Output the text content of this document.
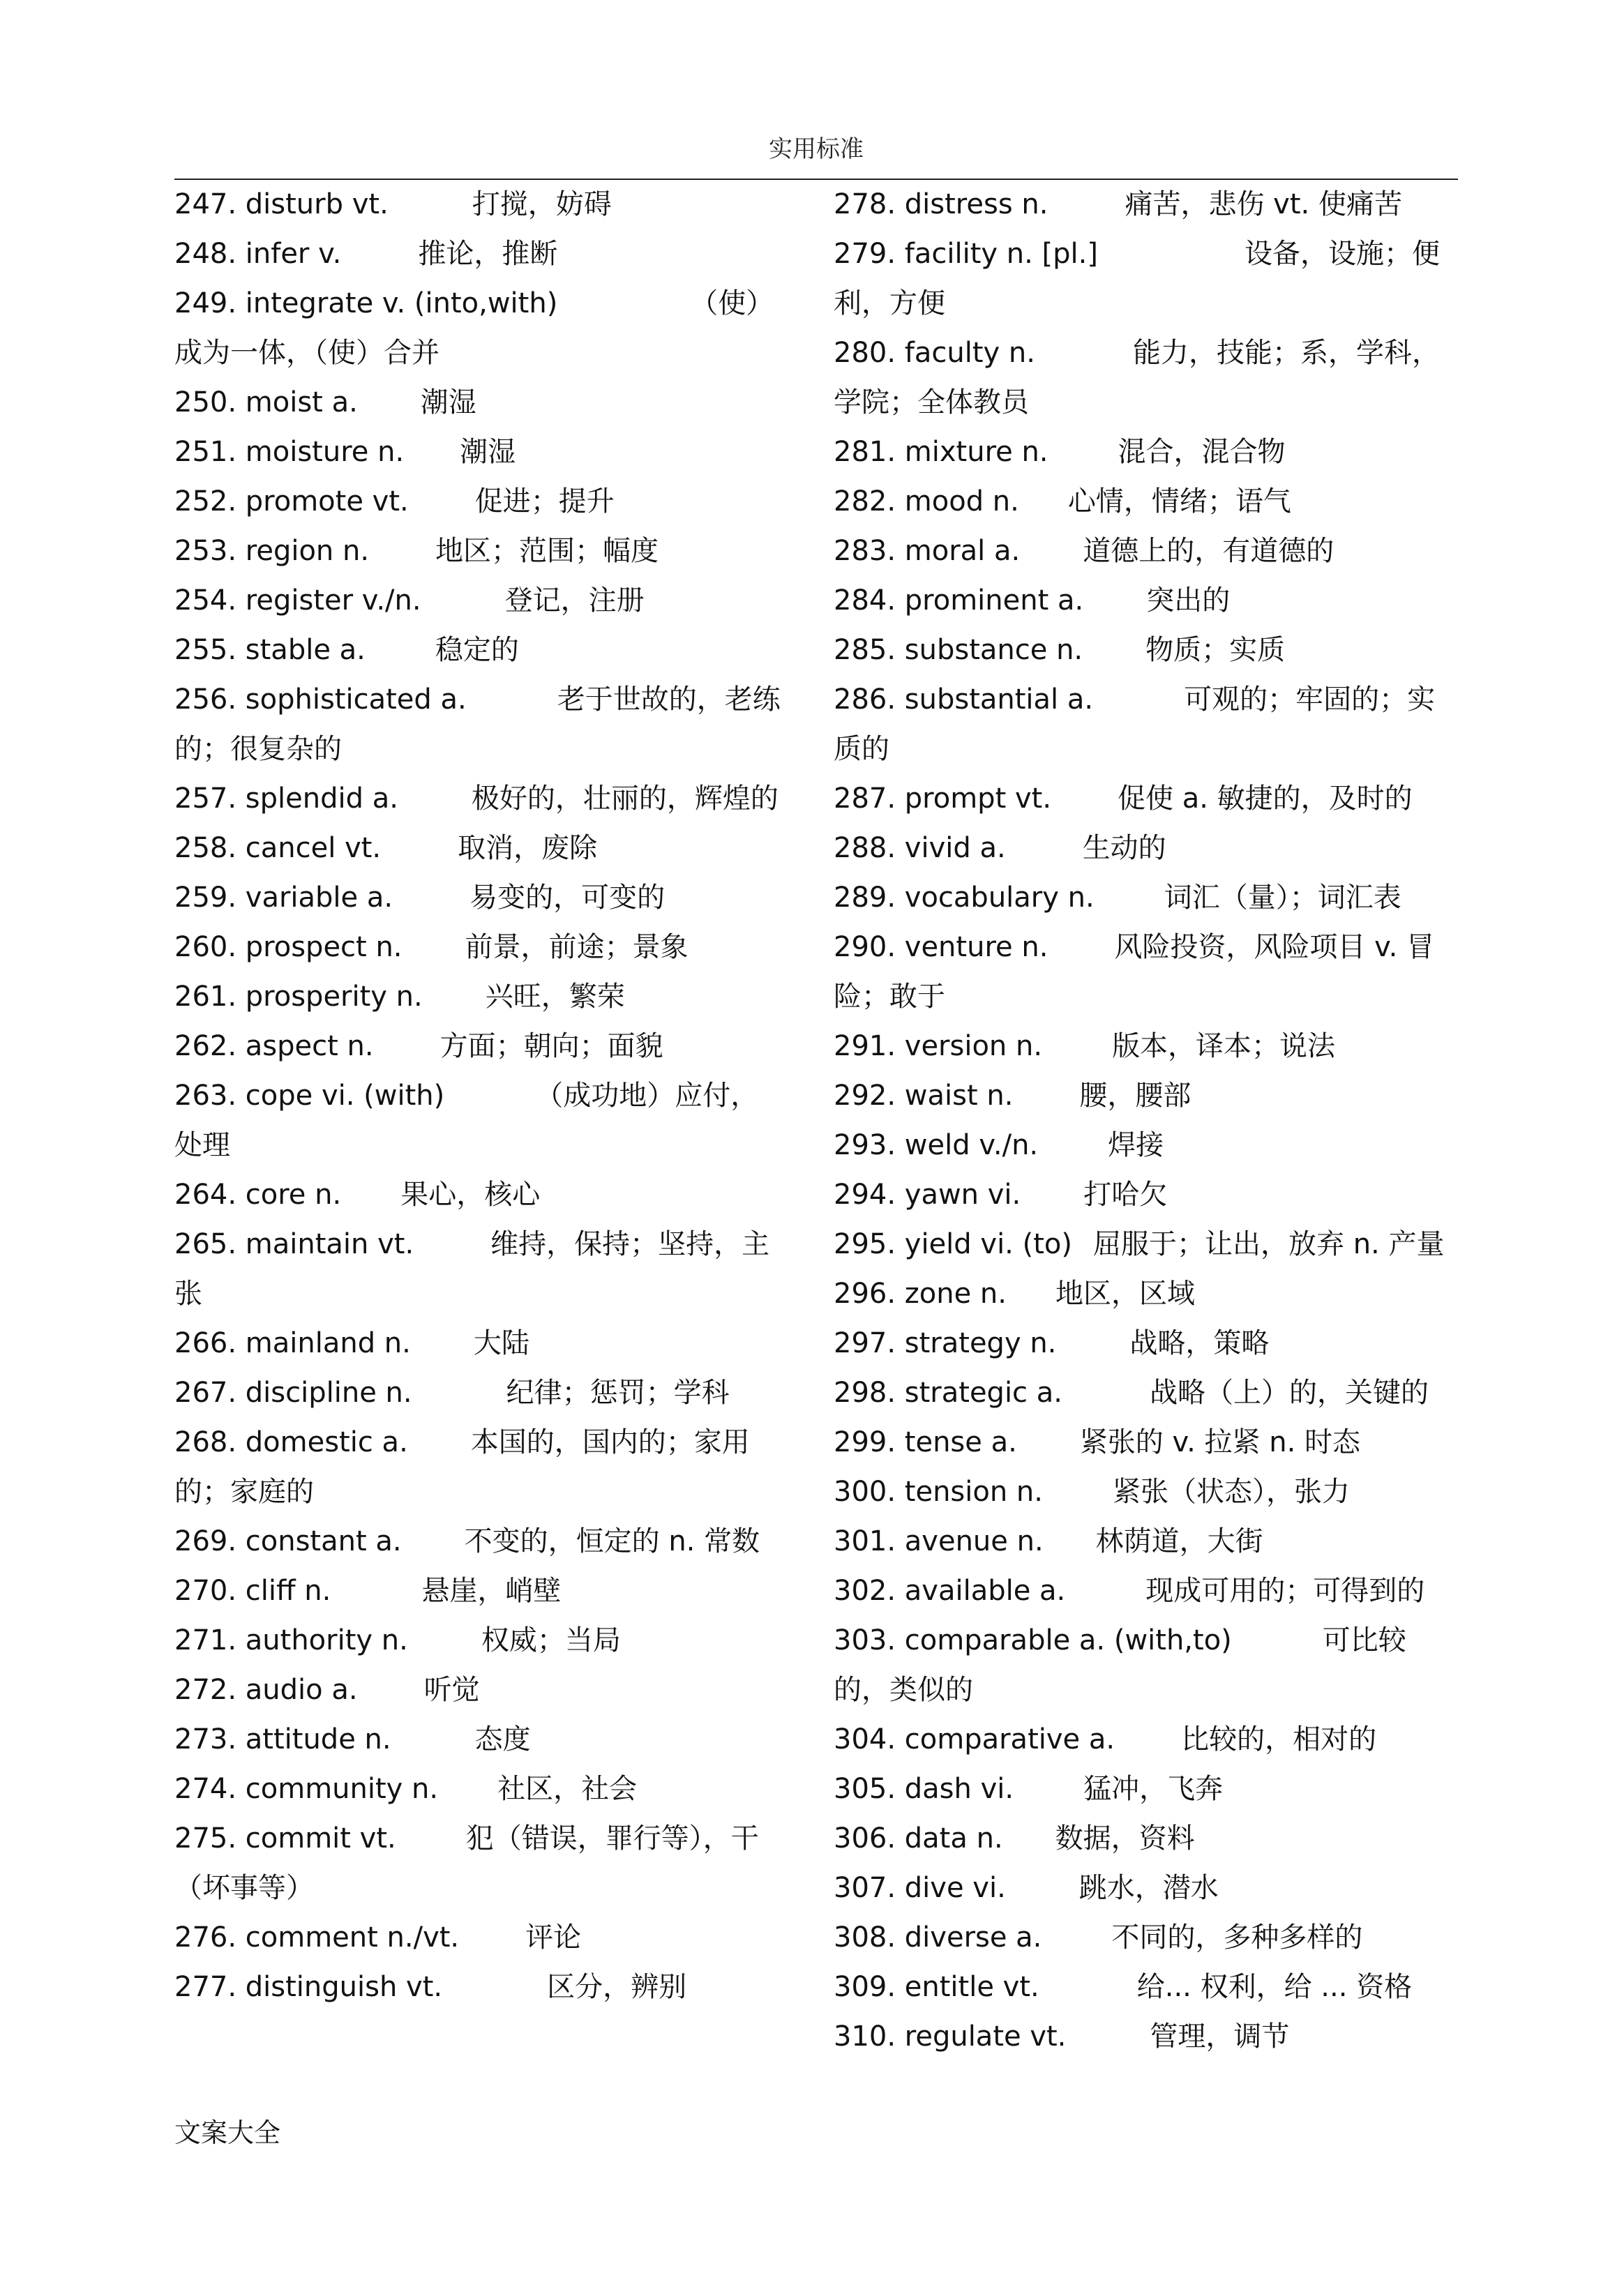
实用标准
247. disturb vt.	打搅，妨碍
248. infer v.	推论，推断
249. integrate v. (into,with)	（使）成为一体，（使）合并
250. moist a. 潮湿
251. moisture n. 潮湿
252. promote vt. 促进；提升
253. region n. 地区；范围；幅度
254. register v./n.	登记，注册
255. stable a.	稳定的
256. sophisticated a.	老于世故的，老练的；很复杂的
257. splendid a.	极好的，壮丽的，辉煌的
258. cancel vt.	取消，废除
259. variable a.	易变的，可变的
260. prospect n. 前景，前途；景象
261. prosperity n. 兴旺，繁荣
262. aspect n. 方面；朝向；面貌
263. cope vi. (with)	（成功地）应付，处理
264. core n. 果心，核心
265. maintain vt.	维持，保持；坚持，主张
266. mainland n. 大陆
267. discipline n.	纪律；惩罚；学科
268. domestic a. 本国的，国内的；家用的；家庭的
269. constant a. 不变的，恒定的 n. 常数
270. cliff n.	悬崖，峭壁
271. authority n.	权威；当局
272. audio a. 听觉
273. attitude n.	态度
274. community n. 社区，社会
275. commit vt.	犯（错误，罪行等），干（坏事等）
276. comment n./vt. 评论
277. distinguish vt.	区分，辨别
278. distress n.	痛苦，悲伤 vt. 使痛苦
279. facility n. [pl.]	设备，设施；便利，方便
280. faculty n.	能力，技能；系，学科，学院；全体教员
281. mixture n.	混合，混合物
282. mood n. 心情，情绪；语气
283. moral a. 道德上的，有道德的
284. prominent a. 突出的
285. substance n. 物质；实质
286. substantial a.	可观的；牢固的；实质的
287. prompt vt. 促使 a. 敏捷的，及时的
288. vivid a.	生动的
289. vocabulary n.	词汇（量）；词汇表
290. venture n. 风险投资，风险项目 v. 冒险；敢于
291. version n.	版本，译本；说法
292. waist n. 腰，腰部
293. weld v./n.	焊接
294. yawn vi. 打哈欠
295. yield vi. (to) 屈服于；让出，放弃 n. 产量
296. zone n. 地区，区域
297. strategy n.	战略，策略
298. strategic a.	战略（上）的，关键的
299. tense a. 紧张的 v. 拉紧 n. 时态
300. tension n.	紧张（状态），张力
301. avenue n. 林荫道，大街
302. available a.	现成可用的；可得到的
303. comparable a. (with,to)	可比较的，类似的
304. comparative a. 比较的，相对的
305. dash vi.	猛冲，飞奔
306. data n. 数据，资料
307. dive vi.	跳水，潜水
308. diverse a.	不同的，多种多样的
309. entitle vt.	给... 权利，给 ... 资格
310. regulate vt.	管理，调节
文案大全
